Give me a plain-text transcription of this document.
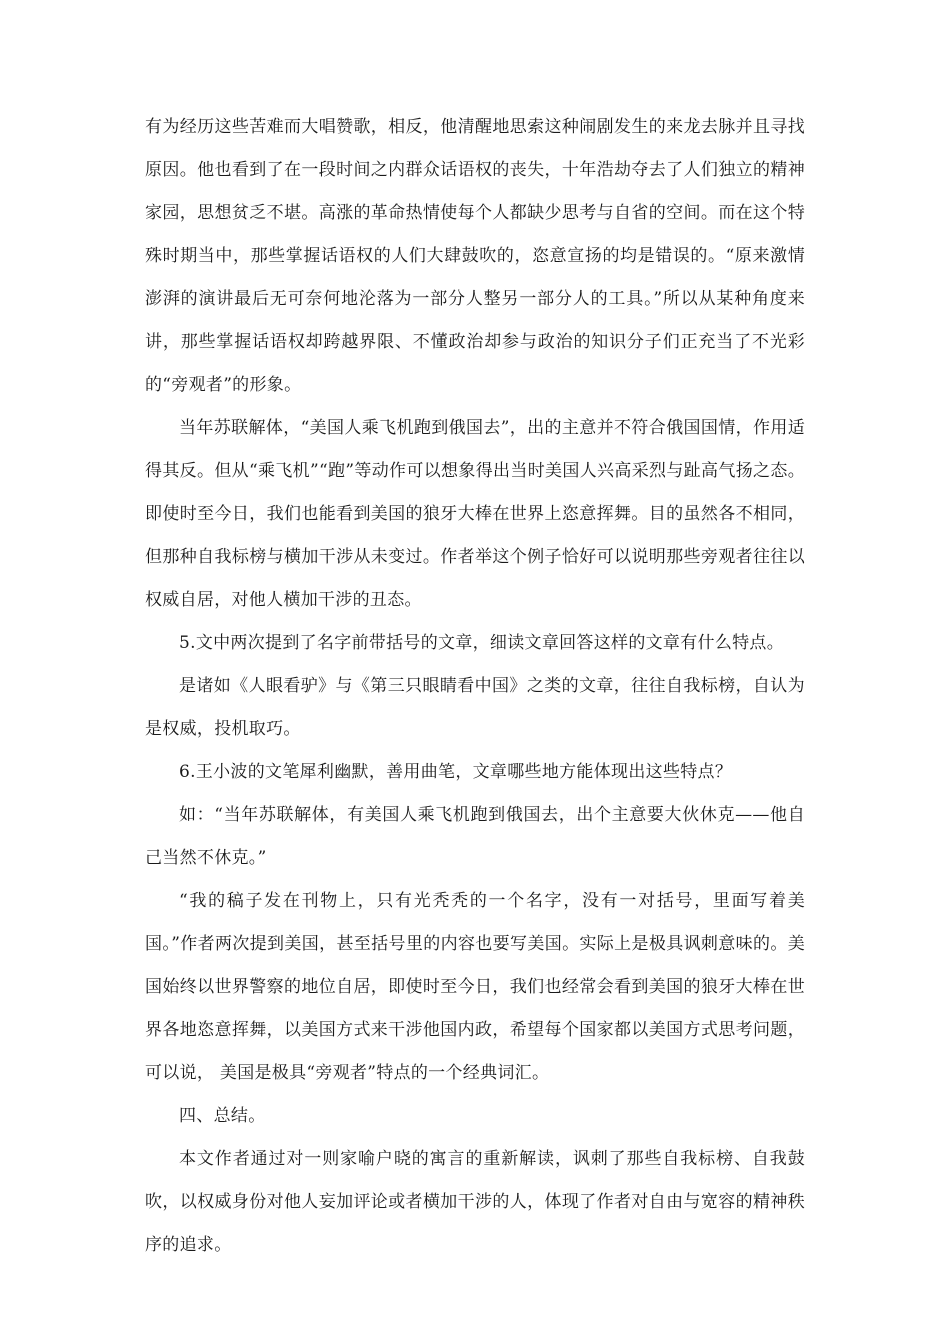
有为经历这些苦难而大唱赞歌，相反，他清醒地思索这种闹剧发生的来龙去脉并且寻找原因。他也看到了在一段时间之内群众话语权的丧失，十年浩劫夺去了人们独立的精神家园，思想贫乏不堪。高涨的革命热情使每个人都缺少思考与自省的空间。而在这个特殊时期当中，那些掌握话语权的人们大肆鼓吹的，恣意宣扬的均是错误的。“原来激情澎湃的演讲最后无可奈何地沦落为一部分人整另一部分人的工具。”所以从某种角度来讲，那些掌握话语权却跨越界限、不懂政治却参与政治的知识分子们正充当了不光彩的“旁观者”的形象。

当年苏联解体，“美国人乘飞机跑到俄国去”，出的主意并不符合俄国国情，作用适得其反。但从“乘飞机”“跑”等动作可以想象得出当时美国人兴高采烈与趾高气扬之态。即使时至今日，我们也能看到美国的狼牙大棒在世界上恣意挥舞。目的虽然各不相同，但那种自我标榜与横加干涉从未变过。作者举这个例子恰好可以说明那些旁观者往往以权威自居，对他人横加干涉的丑态。

5.文中两次提到了名字前带括号的文章，细读文章回答这样的文章有什么特点。

是诸如《人眼看驴》与《第三只眼睛看中国》之类的文章，往往自我标榜，自认为是权威，投机取巧。

6.王小波的文笔犀利幽默，善用曲笔，文章哪些地方能体现出这些特点？

如：“当年苏联解体，有美国人乘飞机跑到俄国去，出个主意要大伙休克——他自己当然不休克。”

“我的稿子发在刊物上，只有光秃秃的一个名字，没有一对括号，里面写着美国。”作者两次提到美国，甚至括号里的内容也要写美国。实际上是极具讽刺意味的。美国始终以世界警察的地位自居，即使时至今日，我们也经常会看到美国的狼牙大棒在世界各地恣意挥舞，以美国方式来干涉他国内政，希望每个国家都以美国方式思考问题，可以说， 美国是极具“旁观者”特点的一个经典词汇。

四、总结。

本文作者通过对一则家喻户晓的寓言的重新解读，讽刺了那些自我标榜、自我鼓吹，以权威身份对他人妄加评论或者横加干涉的人，体现了作者对自由与宽容的精神秩序的追求。
